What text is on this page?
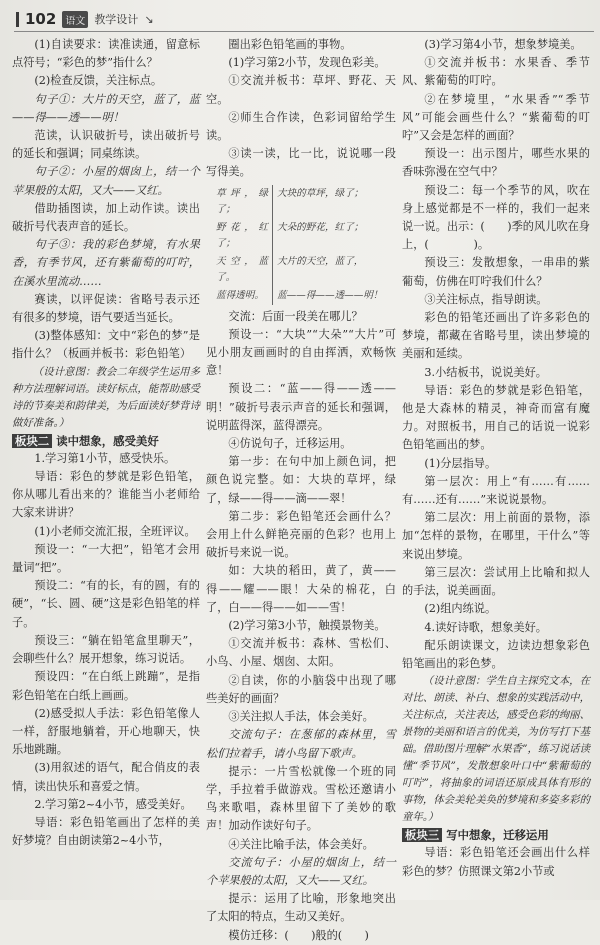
102 语文 教学设计 ↘

(1)自读要求：读准读通，留意标点符号；“彩色的梦”指什么？

(2)检查反馈，关注标点。

句子①：大片的天空，蓝了，蓝——得——透——明！

范读，认识破折号，读出破折号的延长和强调；同桌练读。

句子②：小屋的烟囱上，结一个苹果般的太阳，又大——又红。

借助插图读，加上动作读。读出破折号代表声音的延长。

句子③：我的彩色梦境，有水果香，有季节风，还有紫葡萄的叮咛，在溪水里流动……

赛读，以评促读：省略号表示还有很多的梦境，语气要适当延长。

(3)整体感知：文中“彩色的梦”是指什么？（板画并板书：彩色铅笔）

（设计意图：教会二年级学生运用多种方法理解词语。读好标点，能帮助感受诗的节奏美和韵律美，为后面读好梦背诗做好准备。）

板块二 读中想象，感受美好

1.学习第1小节，感受快乐。

导语：彩色的梦就是彩色铅笔，你从哪儿看出来的？谁能当小老师给大家来讲讲？

(1)小老师交流汇报，全班评议。

预设一：“一大把”，铅笔才会用量词“把”。

预设二：“有的长，有的圆，有的硬”，“长、圆、硬”这是彩色铅笔的样子。

预设三：“躺在铅笔盒里聊天”，会聊些什么？展开想象，练习说话。

预设四：“在白纸上跳蹦”，是指彩色铅笔在白纸上画画。

(2)感受拟人手法：彩色铅笔像人一样，舒服地躺着，开心地聊天，快乐地跳蹦。

(3)用叙述的语气，配合俏皮的表情，读出快乐和喜爱之情。

2.学习第2~4小节，感受美好。

导语：彩色铅笔画出了怎样的美好梦境？自由朗读第2~4小节，

圈出彩色铅笔画的事物。

(1)学习第2小节，发现色彩美。

①交流并板书：草坪、野花、天空。

②师生合作读，色彩词留给学生读。

③读一读，比一比，说说哪一段写得美。

草坪，绿了；	大块的草坪，绿了；
野花，红了；	大朵的野花，红了；
天空，蓝了。	大片的天空，蓝了，
蓝得透明。	蓝——得——透——明！

交流：后面一段美在哪儿？

预设一：“大块”“大朵”“大片”可见小朋友画画时的自由挥洒，欢畅恢意！

预设二：“蓝——得——透——明！”破折号表示声音的延长和强调，说明蓝得深，蓝得漂亮。

④仿说句子，迁移运用。

第一步：在句中加上颜色词，把颜色说完整。如：大块的草坪，绿了，绿——得——滴——翠！

第二步：彩色铅笔还会画什么？会用上什么鲜艳亮丽的色彩？也用上破折号来说一说。

如：大块的稻田，黄了，黄——得——耀——眼！大朵的棉花，白了，白——得——如——雪！

(2)学习第3小节，触摸景物美。

①交流并板书：森林、雪松们、小鸟、小屋、烟囱、太阳。

②自读，你的小脑袋中出现了哪些美好的画面？

③关注拟人手法，体会美好。

交流句子：在葱郁的森林里，雪松们拉着手，请小鸟留下歌声。

提示：一片雪松就像一个班的同学，手拉着手做游戏。雪松还邀请小鸟来歌唱，森林里留下了美妙的歌声！加动作读好句子。

④关注比喻手法，体会美好。

交流句子：小屋的烟囱上，结一个苹果般的太阳，又大——又红。

提示：运用了比喻，形象地突出了太阳的特点，生动又美好。

模仿迁移：(　　)般的(　　)

(3)学习第4小节，想象梦境美。

①交流并板书：水果香、季节风、紫葡萄的叮咛。

②在梦境里，“水果香”“季节风”可能会画些什么？“紫葡萄的叮咛”又会是怎样的画面？

预设一：出示图片，哪些水果的香味弥漫在空气中？

预设二：每一个季节的风，吹在身上感觉都是不一样的，我们一起来说一说。出示：(　　)季的风儿吹在身上，(　　　　)。

预设三：发散想象，一串串的紫葡萄，仿佛在叮咛我们什么？

③关注标点，指导朗读。

彩色的铅笔还画出了许多彩色的梦境，都藏在省略号里，读出梦境的美丽和延续。

3.小结板书，说说美好。

导语：彩色的梦就是彩色铅笔，他是大森林的精灵，神奇而富有魔力。对照板书，用自己的话说一说彩色铅笔画出的梦。

(1)分层指导。

第一层次：用上“有……有……有……还有……”来说说景物。

第二层次：用上前面的景物，添加“怎样的景物，在哪里，干什么”等来说出梦境。

第三层次：尝试用上比喻和拟人的手法，说美画面。

(2)组内练说。

4.读好诗歌，想象美好。

配乐朗读课文，边读边想象彩色铅笔画出的彩色梦。

（设计意图：学生自主探究文本，在对比、朗读、补白、想象的实践活动中，关注标点，关注表达，感受色彩的绚丽、景物的美丽和语言的优美，为仿写打下基础。借助图片理解“水果香”，练习说话读懂“季节风”，发散想象叶口中“紫葡萄的叮咛”，将抽象的词语还原成具体有形的事物，体会美轮美奂的梦境和多姿多彩的童年。）

板块三 写中想象，迁移运用

导语：彩色铅笔还会画出什么样彩色的梦？仿照课文第2小节或
